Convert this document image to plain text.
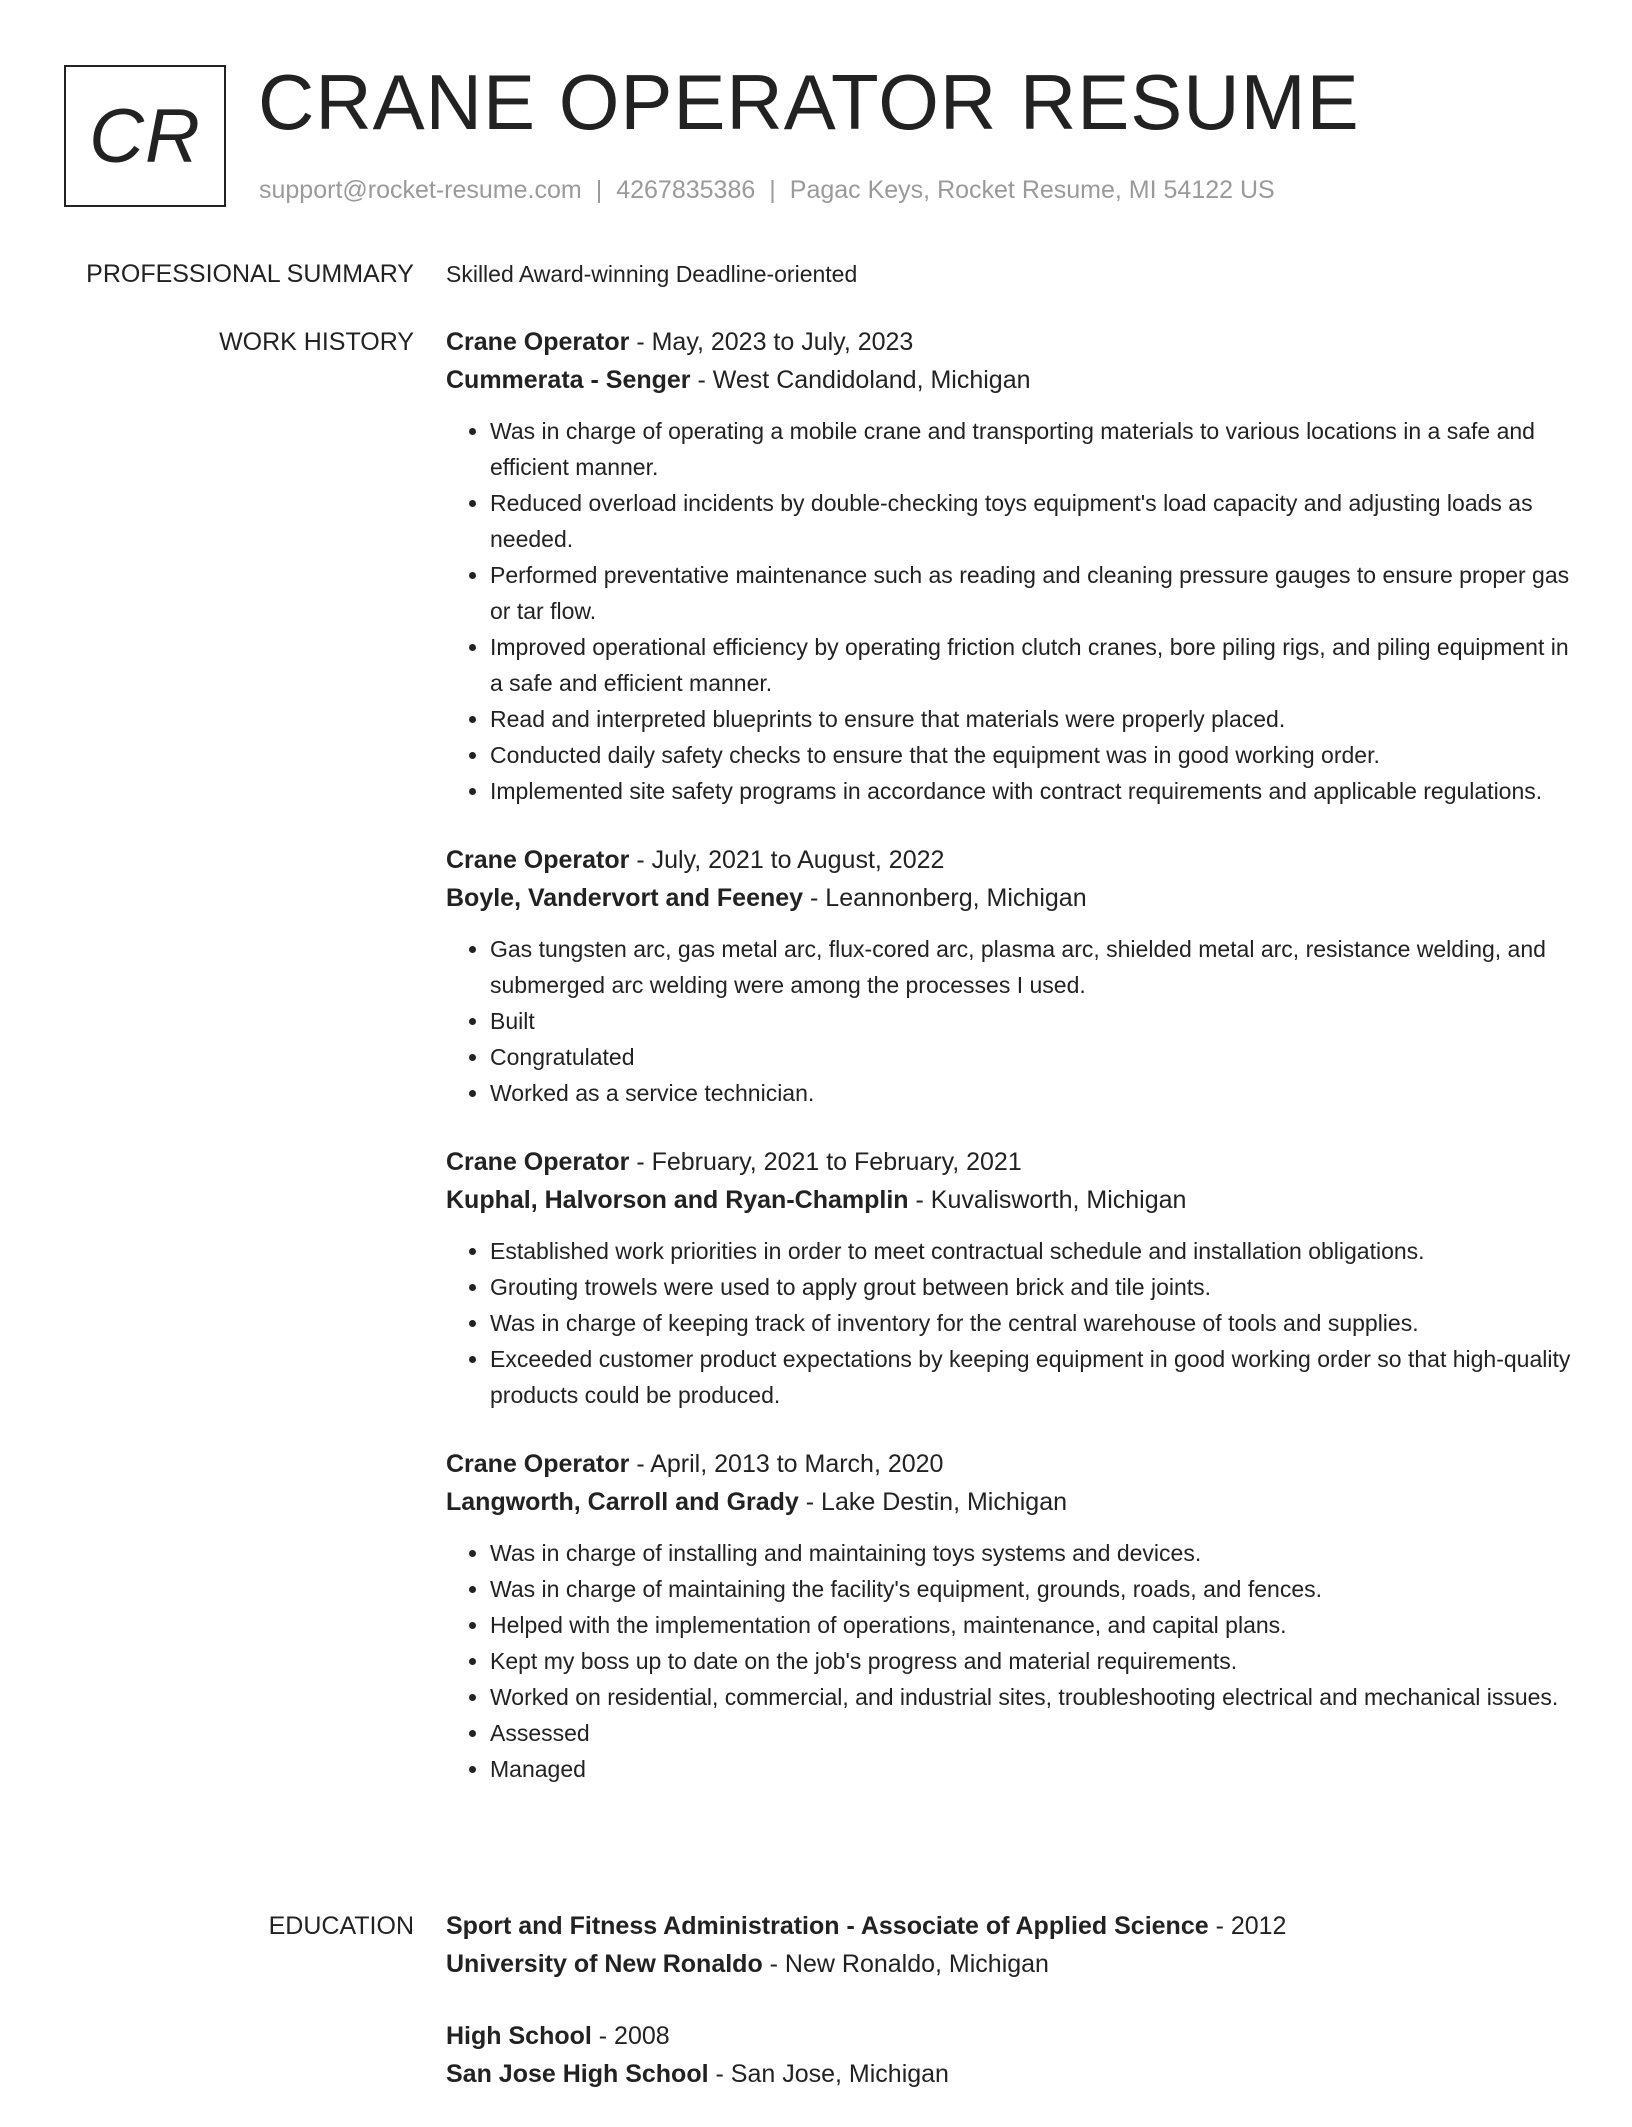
CR CRANE OPERATOR RESUME
support@rocket-resume.com | 4267835386 | Pagac Keys, Rocket Resume, MI 54122 US
PROFESSIONAL SUMMARY Skilled Award-winning Deadline-oriented
WORK HISTORY Crane Operator - May, 2023 to July, 2023
Cummerata - Senger - West Candidoland, Michigan
• Was in charge of operating a mobile crane and transporting materials to various locations in a safe and efficient manner.
• Reduced overload incidents by double-checking toys equipment's load capacity and adjusting loads as needed.
• Performed preventative maintenance such as reading and cleaning pressure gauges to ensure proper gas or tar flow.
• Improved operational efficiency by operating friction clutch cranes, bore piling rigs, and piling equipment in a safe and efficient manner.
• Read and interpreted blueprints to ensure that materials were properly placed.
• Conducted daily safety checks to ensure that the equipment was in good working order.
• Implemented site safety programs in accordance with contract requirements and applicable regulations.
Crane Operator - July, 2021 to August, 2022
Boyle, Vandervort and Feeney - Leannonberg, Michigan
• Gas tungsten arc, gas metal arc, flux-cored arc, plasma arc, shielded metal arc, resistance welding, and submerged arc welding were among the processes I used.
• Built
• Congratulated
• Worked as a service technician.
Crane Operator - February, 2021 to February, 2021
Kuphal, Halvorson and Ryan-Champlin - Kuvalisworth, Michigan
• Established work priorities in order to meet contractual schedule and installation obligations.
• Grouting trowels were used to apply grout between brick and tile joints.
• Was in charge of keeping track of inventory for the central warehouse of tools and supplies.
• Exceeded customer product expectations by keeping equipment in good working order so that high-quality products could be produced.
Crane Operator - April, 2013 to March, 2020
Langworth, Carroll and Grady - Lake Destin, Michigan
• Was in charge of installing and maintaining toys systems and devices.
• Was in charge of maintaining the facility's equipment, grounds, roads, and fences.
• Helped with the implementation of operations, maintenance, and capital plans.
• Kept my boss up to date on the job's progress and material requirements.
• Worked on residential, commercial, and industrial sites, troubleshooting electrical and mechanical issues.
• Assessed
• Managed
EDUCATION Sport and Fitness Administration - Associate of Applied Science - 2012
University of New Ronaldo - New Ronaldo, Michigan
High School - 2008
San Jose High School - San Jose, Michigan
